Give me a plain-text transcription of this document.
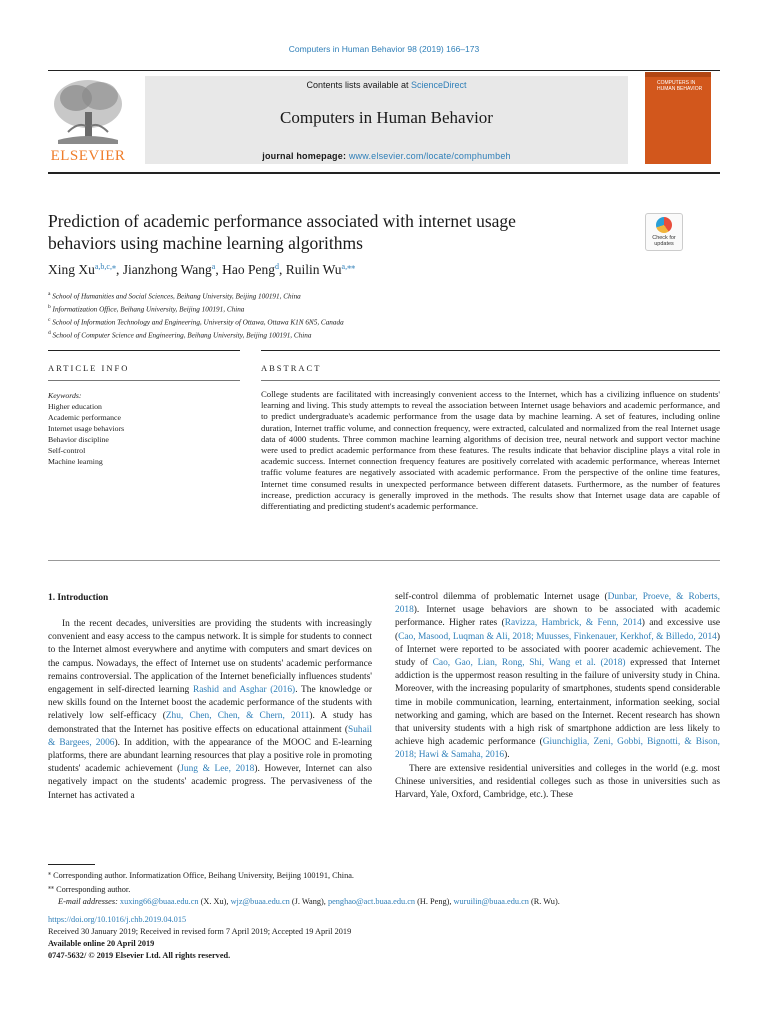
Computers in Human Behavior 98 (2019) 166–173
ELSEVIER
Contents lists available at ScienceDirect
Computers in Human Behavior
journal homepage: www.elsevier.com/locate/comphumbeh
COMPUTERS IN
HUMAN BEHAVIOR
Prediction of academic performance associated with internet usage
behaviors using machine learning algorithms	Check for
updates
Xing $Xu^{a,b,c,⁎}$, Jianzhong Wang$^a$, Hao Peng$^d$, Ruilin $Wu^{a,⁎⁎}$
$^a$ School of Humanities and Social Sciences, Beihang University, Beijing 100191, China
$^b$ Informatization Office, Beihang University, Beijing 100191, China
$^c$ School of Information Technology and Engineering, University of Ottawa, Ottawa K1N 6N5, Canada
$^d$ School of Computer Science and Engineering, Beihang University, Beijing 100191, China
ARTICLE INFO	ABSTRACT
Keywords:
Higher education
Academic performance
Internet usage behaviors
Behavior discipline
Self-control
Machine learning
College students are facilitated with increasingly convenient access to the Internet, which has a civilizing influence on students' learning and living. This study attempts to reveal the association between Internet usage behaviors and academic performance, and to predict undergraduate's academic performance from the usage data by machine learning. A set of features, including online duration, Internet traffic volume, and connection frequency, were extracted, calculated and normalized from the real Internet usage data of 4000 students. Three common machine learning algorithms of decision tree, neural network and support vector machine were used to predict academic performance from these features. The results indicate that behavior discipline plays a vital role in academic success. Internet connection frequency features are positively correlated with academic performance, whereas Internet traffic volume features are negatively associated with academic performance. From the perspective of the online time features, Internet time consumed results in unexpected performance between different datasets. Furthermore, as the number of features increase, prediction accuracy is generally improved in the methods. The results show that Internet usage data are capable of differentiating and predicting student's academic performance.
1. Introduction

In the recent decades, universities are providing the students with increasingly convenient and easy access to the campus network. It is simple for students to connect to the Internet almost everywhere and anytime with computers and smart devices on the campus. Nowadays, the effect of Internet use on students' academic performance remains controversial. The application of the Internet beneficially influences students' engagement in self-directed learning Rashid and Asghar (2016). The knowledge or new skills found on the Internet boost the academic performance of the students with relatively low self-efficacy (Zhu, Chen, Chen, & Chern, 2011). A study has demonstrated that the Internet has positive effects on educational attainment (Suhail & Bargees, 2006). In addition, with the appearance of the MOOC and E-learning platforms, there are abundant learning resources that play a positive role in promoting students' academic achievement (Jung & Lee, 2018). However, Internet can also negatively impact on the students' academic progress. The pervasiveness of the Internet has activated a

self-control dilemma of problematic Internet usage (Dunbar, Proeve, & Roberts, 2018). Internet usage behaviors are shown to be associated with academic performance. Higher rates (Ravizza, Hambrick, & Fenn, 2014) and excessive use (Cao, Masood, Luqman & Ali, 2018; Muusses, Finkenauer, Kerkhof, & Billedo, 2014) of Internet were reported to be associated with poorer academic achievement. The study of Cao, Gao, Lian, Rong, Shi, Wang et al. (2018) expressed that Internet addiction is the uppermost reason resulting in the failure of university study in China. Moreover, with the increasing popularity of smartphones, students spend considerable time in mobile communication, learning, entertainment, information seeking, social networking and gaming, which are based on the Internet. Recent research has shown that university students with a high risk of smartphone addiction are less likely to achieve high academic performance (Giunchiglia, Zeni, Gobbi, Bignotti, & Bison, 2018; Hawi & Samaha, 2016).

There are extensive residential universities and colleges in the world (e.g. most Chinese universities, and residential colleges such as those in universities such as Harvard, Yale, Oxford, Cambridge, etc.). These

⁎ Corresponding author. Informatization Office, Beihang University, Beijing 100191, China.
⁎⁎ Corresponding author.
E-mail addresses: xuxing66@buaa.edu.cn (X. Xu), wjz@buaa.edu.cn (J. Wang), penghao@act.buaa.edu.cn (H. Peng), wuruilin@buaa.edu.cn (R. Wu).
https://doi.org/10.1016/j.chb.2019.04.015
Received 30 January 2019; Received in revised form 7 April 2019; Accepted 19 April 2019
Available online 20 April 2019
0747-5632/ © 2019 Elsevier Ltd. All rights reserved.
